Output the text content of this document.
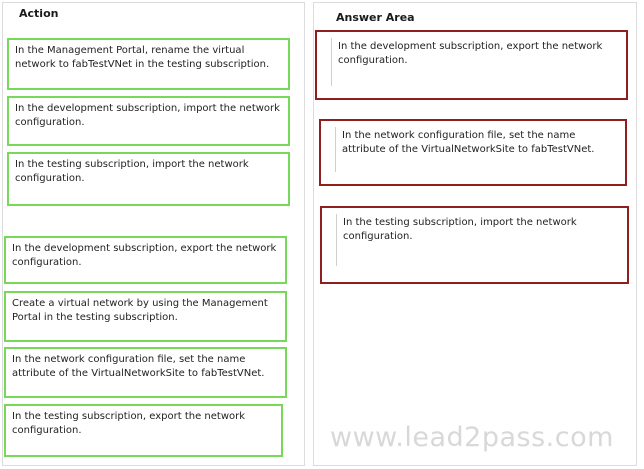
Action	Answer Area
In the Management Portal, rename the virtual network to fabTestVNet in the testing subscription.
In the development subscription, import the network configuration.
In the testing subscription, import the network configuration.
In the development subscription, export the network configuration.
Create a virtual network by using the Management Portal in the testing subscription.
In the network configuration file, set the name attribute of the VirtualNetworkSite to fabTestVNet.
In the testing subscription, export the network configuration.
In the development subscription, export the network configuration.
In the network configuration file, set the name attribute of the VirtualNetworkSite to fabTestVNet.
In the testing subscription, import the network configuration.
www.lead2pass.com
